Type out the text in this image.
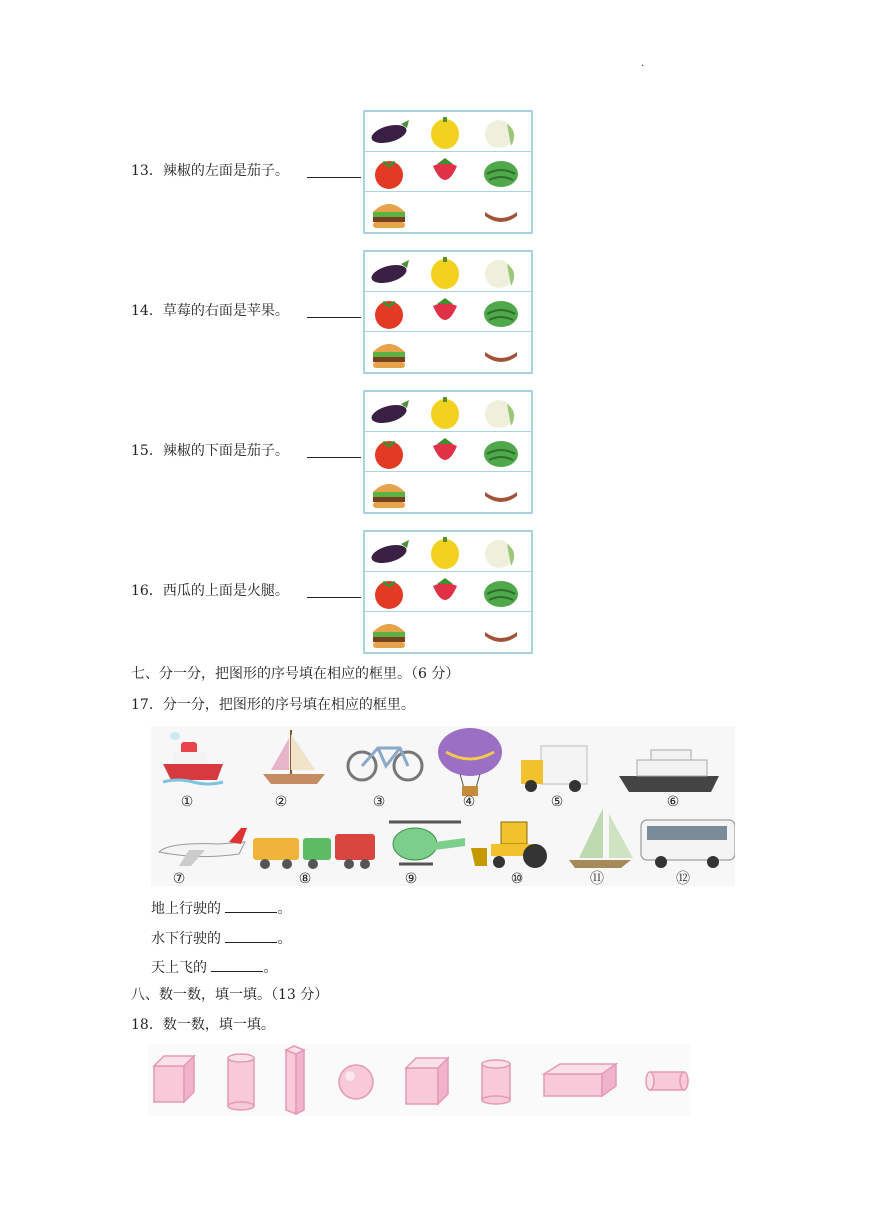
.
13．辣椒的左面是茄子。
14．草莓的右面是苹果。
15．辣椒的下面是茄子。
16．西瓜的上面是火腿。
七、分一分，把图形的序号填在相应的框里。（6 分）
17．分一分，把图形的序号填在相应的框里。
①	②	③	④	⑤	⑥
⑦	⑧	⑨	⑩	⑪	⑫
地上行驶的	。
水下行驶的	。
天上飞的	。
八、数一数，填一填。（13 分）
18．数一数，填一填。
